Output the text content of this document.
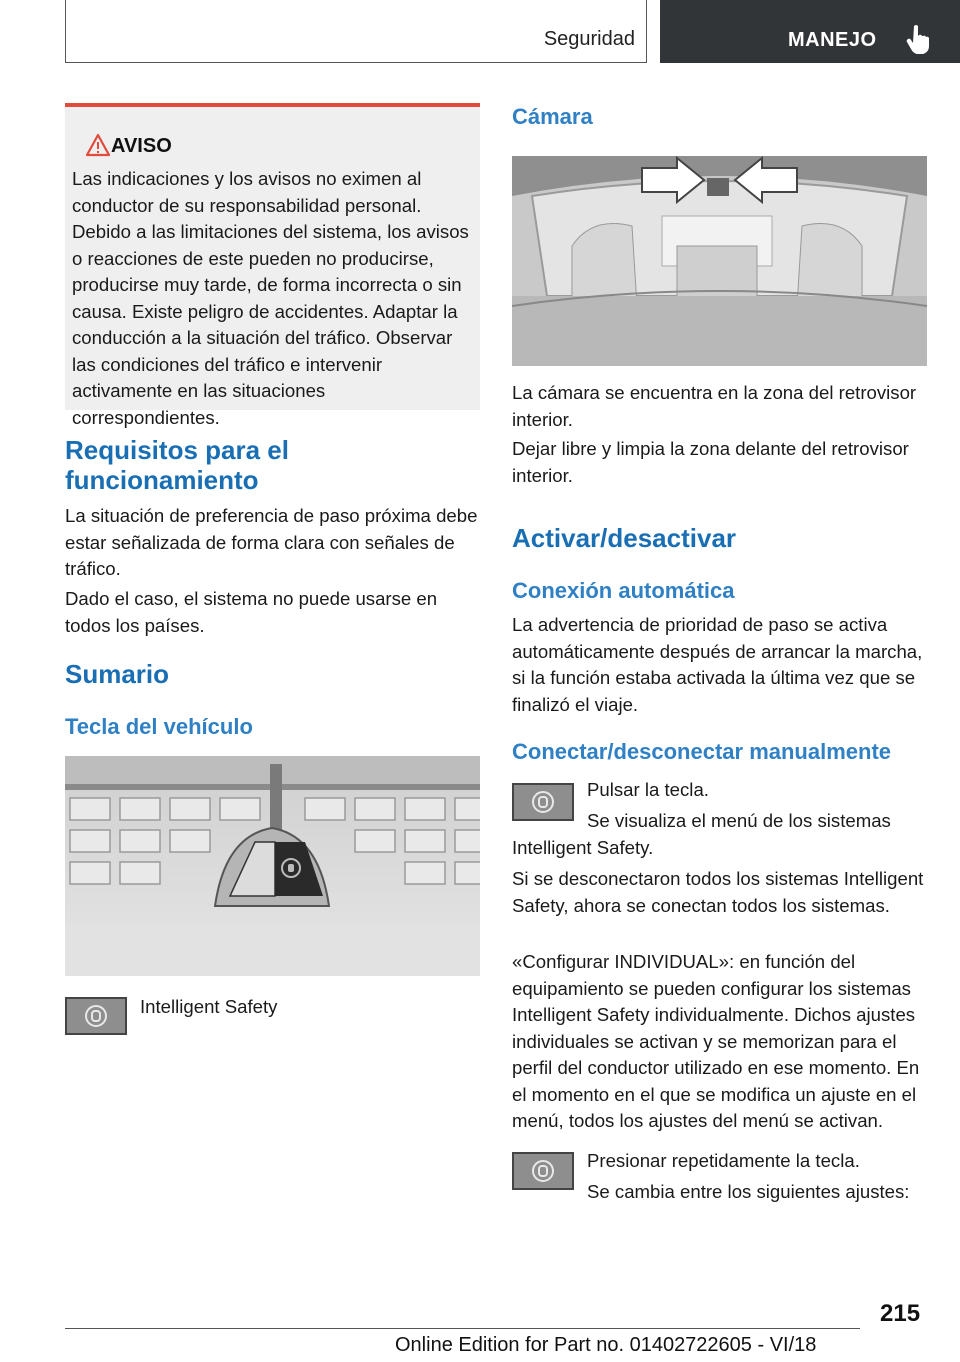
Seguridad	MANEJO
AVISO
Las indicaciones y los avisos no eximen al conductor de su responsabilidad personal. Debido a las limitaciones del sistema, los avisos o reacciones de este pueden no producirse, producirse muy tarde, de forma incorrecta o sin causa. Existe peligro de accidentes. Adaptar la conducción a la situación del tráfico. Observar las condiciones del tráfico e intervenir activamente en las situaciones correspondientes.
Requisitos para el
funcionamiento
La situación de preferencia de paso próxima debe estar señalizada de forma clara con señales de tráfico.
Dado el caso, el sistema no puede usarse en todos los países.
Sumario
Tecla del vehículo
Intelligent Safety
Cámara
La cámara se encuentra en la zona del retrovisor interior.
Dejar libre y limpia la zona delante del retrovisor interior.
Activar/desactivar
Conexión automática
La advertencia de prioridad de paso se activa automáticamente después de arrancar la marcha, si la función estaba activada la última vez que se finalizó el viaje.
Conectar/desconectar manualmente
Pulsar la tecla.
Se visualiza el menú de los sistemas Intelligent Safety.
Si se desconectaron todos los sistemas Intelligent Safety, ahora se conectan todos los sistemas.
«Configurar INDIVIDUAL»: en función del equipamiento se pueden configurar los sistemas Intelligent Safety individualmente. Dichos ajustes individuales se activan y se memorizan para el perfil del conductor utilizado en ese momento. En el momento en el que se modifica un ajuste en el menú, todos los ajustes del menú se activan.
Presionar repetidamente la tecla.
Se cambia entre los siguientes ajustes:
215
Online Edition for Part no. 01402722605 - VI/18
